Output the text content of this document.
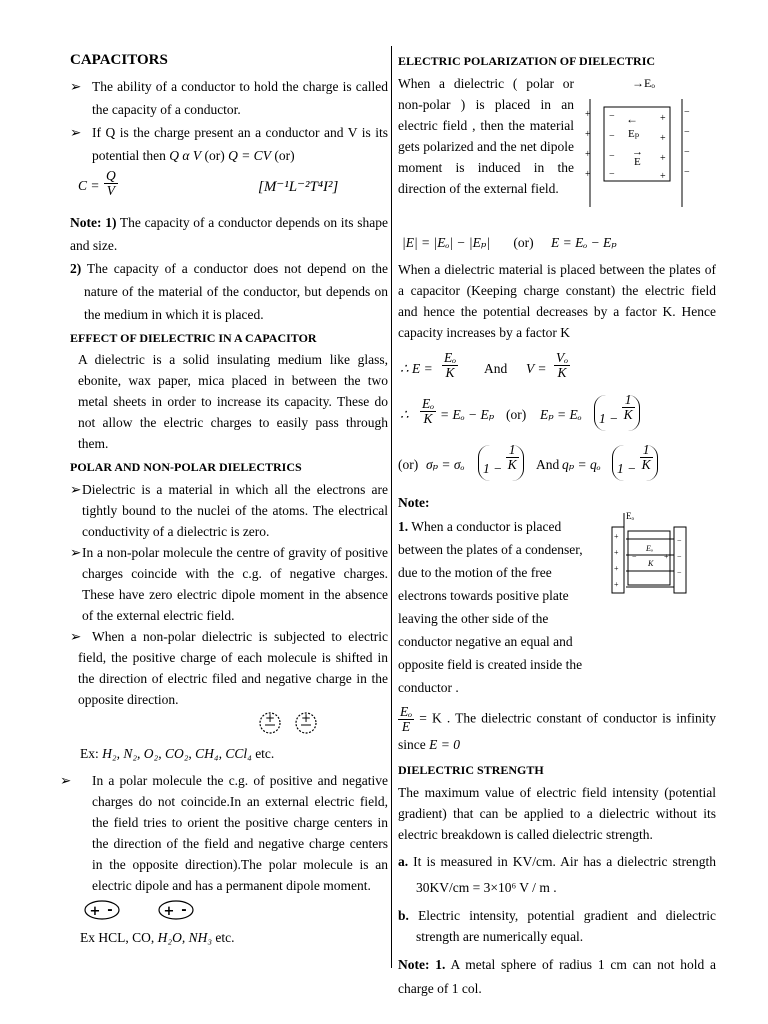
CAPACITORS

➢ The ability of a conductor to hold the charge is called the capacity of a conductor.
➢ If Q is the charge present an a conductor and V is its potential then Q α V (or) Q = CV (or)
$C = \frac{Q}{V}$	[M⁻¹L⁻²T⁴I²]

Note: 1) The capacity of a conductor depends on its shape and size.

2) The capacity of a conductor does not depend on the nature of the material of the conductor, but depends on the medium in which it is placed.

EFFECT OF DIELECTRIC IN A CAPACITOR

A dielectric is a solid insulating medium like glass, ebonite, wax paper, mica placed in between the two metal sheets in order to increase its capacity. These do not allow the electric charges to easily pass through them.

POLAR AND NON-POLAR DIELECTRICS

➢ Dielectric is a material in which all the electrons are tightly bound to the nuclei of the atoms. The electrical conductivity of a dielectric is zero.
➢ In a non-polar molecule the centre of gravity of positive charges coincide with the c.g. of negative charges. These have zero electric dipole moment in the absence of the external electric field.
➢ When a non-polar dielectric is subjected to electric field, the positive charge of each molecule is shifted in the direction of electric filed and negative charge in the opposite direction.
+ +

Ex: H₂, N₂, O₂, CO₂, CH₄, CCl₄ etc.

➢ In a polar molecule the c.g. of positive and negative charges do not coincide.In an external electric field, the field tries to orient the positive charge centers in the direction of the field and negative charge centers in the opposite direction).The polar molecule is an electric dipole and has a permanent dipole moment.
+ -	+ -

Ex HCL, CO, H₂O, NH₃ etc.

ELECTRIC POLARIZATION OF DIELECTRIC

When a dielectric ( polar or non-polar ) is placed in an electric field , then the material gets polarized and the net dipole moment is induced in the direction of the external field.

→Eₒ
+
+
+
+
−
−
−
−
−
−
−
−
+
+
+
+
←
Eₚ
→
E

|E| = |Eₒ| − |Eₚ| (or) E = Eₒ − Eₚ

When a dielectric material is placed between the plates of a capacitor (Keeping charge constant) the electric field and hence the potential decreases by a factor K. Hence capacity increases by a factor K

∴ $E = \frac{\text{Eₒ}}{K}$ And $V = \frac{\text{Vₒ}}{K}$
∴ $\frac{\text{Eₒ}}{K} = E_o - E_p$ (or) Eₚ = Eₒ	$1 - \frac{1}{K}$
(or) σₚ = σₒ	$1 - \frac{1}{K}$ And qₚ = qₒ	$1 - \frac{1}{K}$

Note:

Eₒ
+
+
+
+
Eₒ
K
−	+
−
−
−

1. When a conductor is placed between the plates of a condenser, due to the motion of the free electrons towards positive plate leaving the other side of the conductor negative an equal and opposite field is created inside the conductor .

$\frac{\text{Eₒ}}{E} = K$ . The dielectric constant of conductor is infinity since E = 0

DIELECTRIC STRENGTH

The maximum value of electric field intensity (potential gradient) that can be applied to a dielectric without its electric breakdown is called dielectric strength.

a. It is measured in KV/cm. Air has a dielectric strength 30KV/cm = 3×10⁶ V / m .

b. Electric intensity, potential gradient and dielectric strength are numerically equal.

Note: 1. A metal sphere of radius 1 cm can not hold a charge of 1 col.
